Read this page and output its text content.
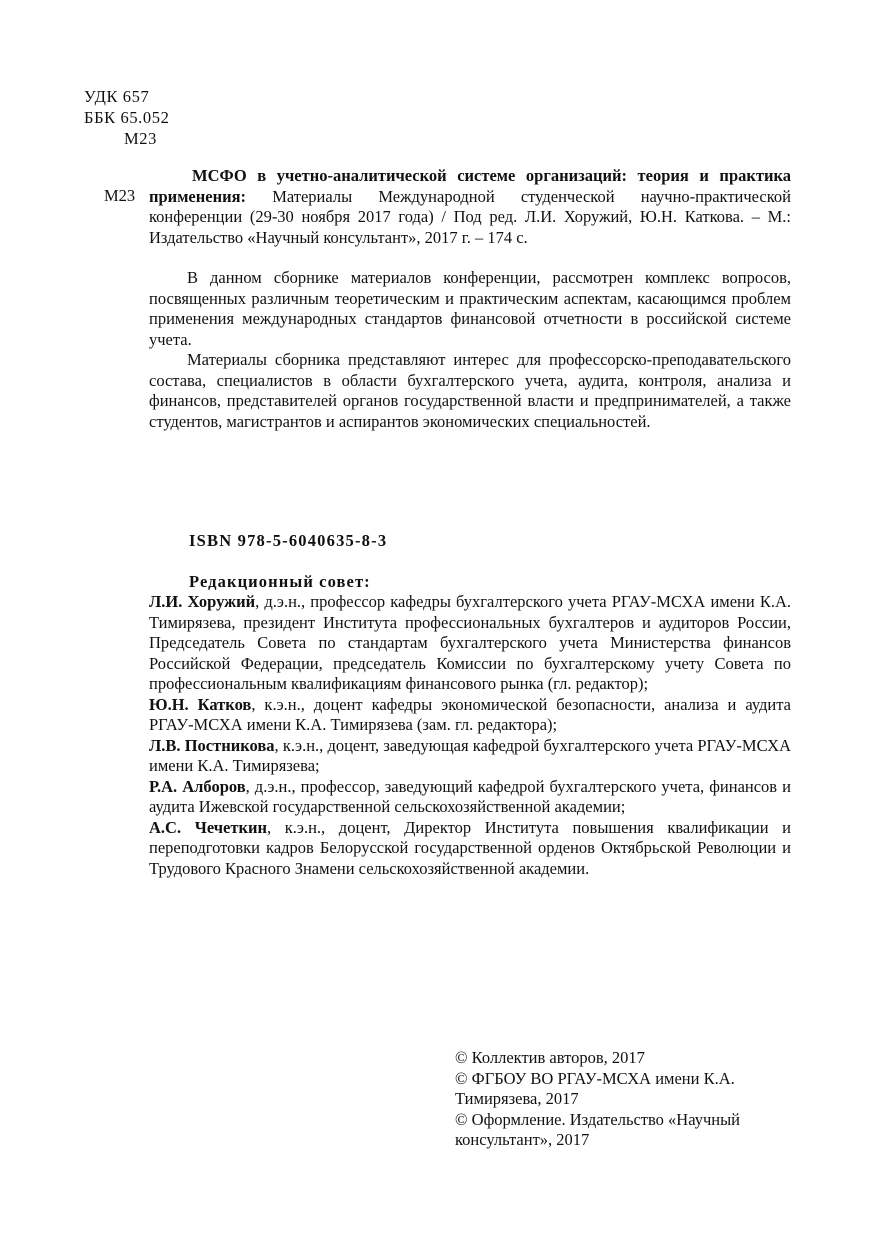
УДК 657
ББК 65.052
М23
М23
МСФО в учетно-аналитической системе организаций: теория и практика применения: Материалы Международной студенческой научно-практической конференции (29-30 ноября 2017 года) / Под ред. Л.И. Хоружий, Ю.Н. Каткова. – М.: Издательство «Научный консультант», 2017 г. – 174 с.

В данном сборнике материалов конференции, рассмотрен комплекс вопросов, посвященных различным теоретическим и практическим аспектам, касающимся проблем применения международных стандартов финансовой отчетности в российской системе учета.

Материалы сборника представляют интерес для профессорско-преподавательского состава, специалистов в области бухгалтерского учета, аудита, контроля, анализа и финансов, представителей органов государственной власти и предпринимателей, а также студентов, магистрантов и аспирантов экономических специальностей.

ISBN 978-5-6040635-8-3
Редакционный совет:

Л.И. Хоружий, д.э.н., профессор кафедры бухгалтерского учета РГАУ-МСХА имени К.А. Тимирязева, президент Института профессиональных бухгалтеров и аудиторов России, Председатель Совета по стандартам бухгалтерского учета Министерства финансов Российской Федерации, председатель Комиссии по бухгалтерскому учету Совета по профессиональным квалификациям финансового рынка (гл. редактор);

Ю.Н. Катков, к.э.н., доцент кафедры экономической безопасности, анализа и аудита РГАУ-МСХА имени К.А. Тимирязева (зам. гл. редактора);

Л.В. Постникова, к.э.н., доцент, заведующая кафедрой бухгалтерского учета РГАУ-МСХА имени К.А. Тимирязева;

Р.А. Алборов, д.э.н., профессор, заведующий кафедрой бухгалтерского учета, финансов и аудита Ижевской государственной сельскохозяйственной академии;

А.С. Чечеткин, к.э.н., доцент, Директор Института повышения квалификации и переподготовки кадров Белорусской государственной орденов Октябрьской Революции и Трудового Красного Знамени сельскохозяйственной академии.

© Коллектив авторов, 2017
© ФГБОУ ВО РГАУ-МСХА имени К.А. Тимирязева, 2017
© Оформление. Издательство «Научный консультант», 2017
